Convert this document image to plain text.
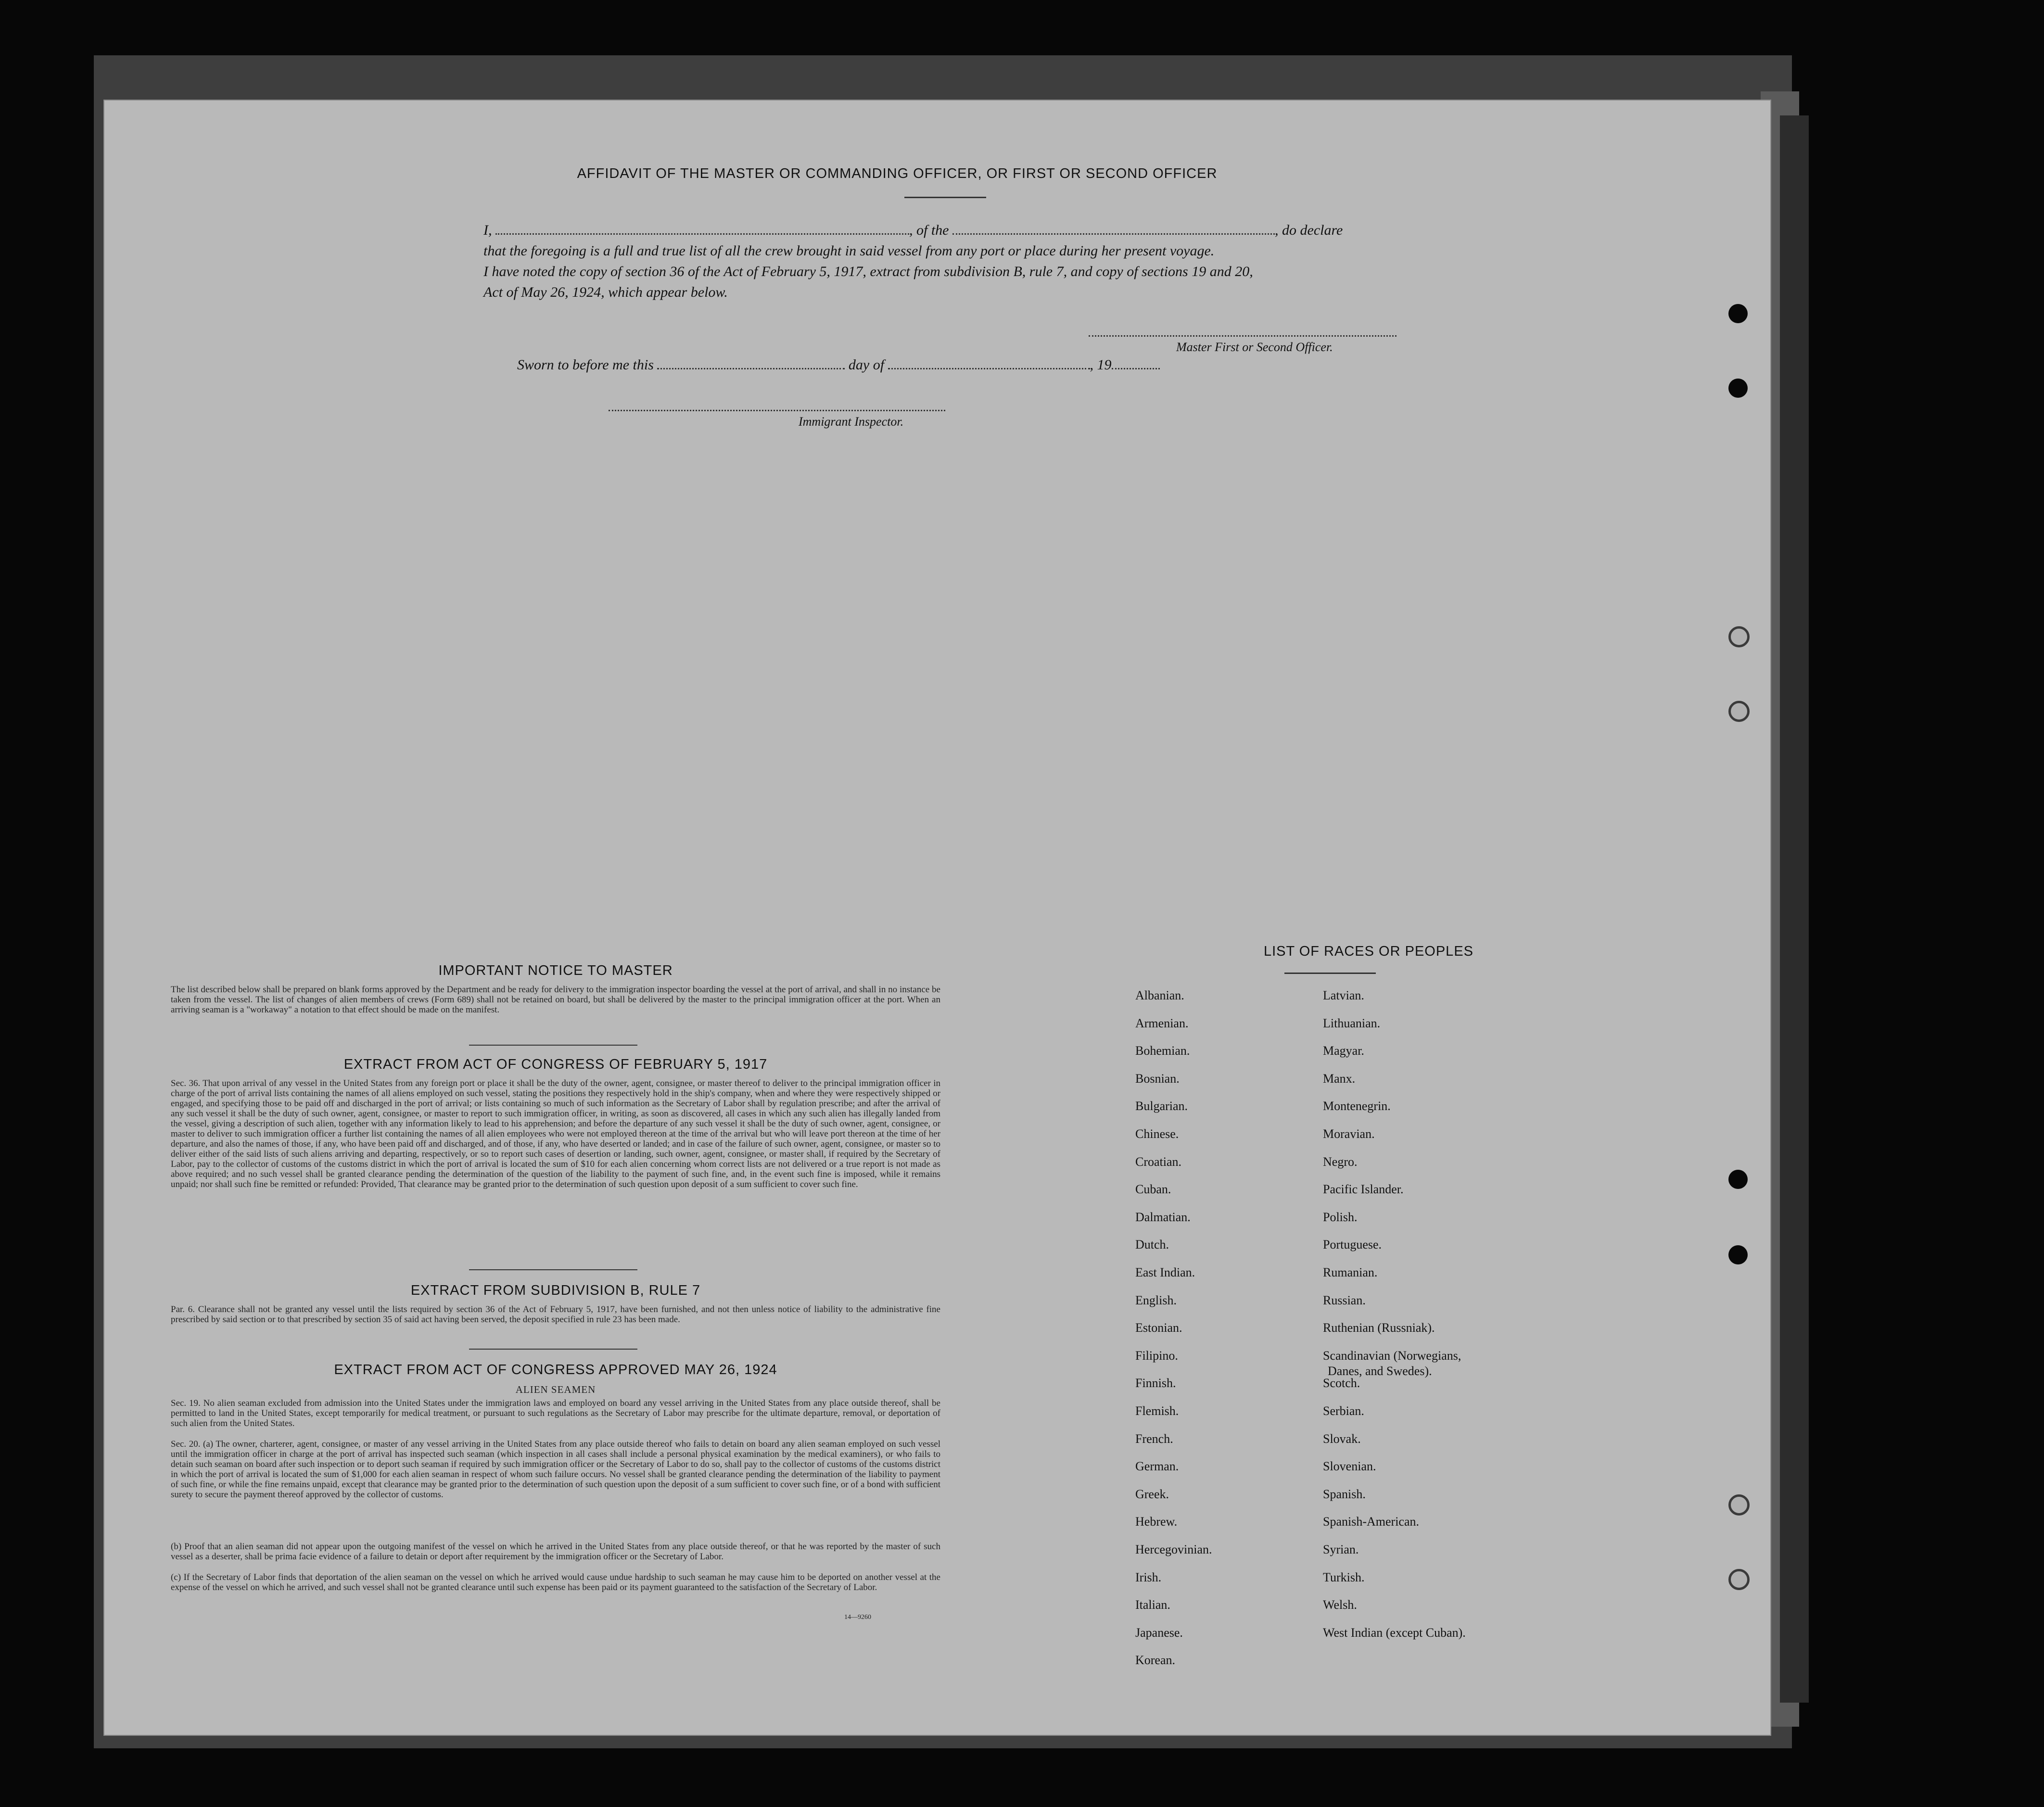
AFFIDAVIT OF THE MASTER OR COMMANDING OFFICER, OR FIRST OR SECOND OFFICER
I,	, of the	, do declare
that the foregoing is a full and true list of all the crew brought in said vessel from any port or place during her present voyage.
I have noted the copy of section 36 of the Act of February 5, 1917, extract from subdivision B, rule 7, and copy of sections 19 and 20,
Act of May 26, 1924, which appear below.
Master First or Second Officer.
Sworn to before me this	day of	, 19
Immigrant Inspector.
IMPORTANT NOTICE TO MASTER
The list described below shall be prepared on blank forms approved by the Department and be ready for delivery to the immigration inspector boarding the vessel at the port of arrival, and shall in no instance be taken from the vessel. The list of changes of alien members of crews (Form 689) shall not be retained on board, but shall be delivered by the master to the principal immigration officer at the port. When an arriving seaman is a "workaway" a notation to that effect should be made on the manifest.
EXTRACT FROM ACT OF CONGRESS OF FEBRUARY 5, 1917
Sec. 36. That upon arrival of any vessel in the United States from any foreign port or place it shall be the duty of the owner, agent, consignee, or master thereof to deliver to the principal immigration officer in charge of the port of arrival lists containing the names of all aliens employed on such vessel, stating the positions they respectively hold in the ship's company, when and where they were respectively shipped or engaged, and specifying those to be paid off and discharged in the port of arrival; or lists containing so much of such information as the Secretary of Labor shall by regulation prescribe; and after the arrival of any such vessel it shall be the duty of such owner, agent, consignee, or master to report to such immigration officer, in writing, as soon as discovered, all cases in which any such alien has illegally landed from the vessel, giving a description of such alien, together with any information likely to lead to his apprehension; and before the departure of any such vessel it shall be the duty of such owner, agent, consignee, or master to deliver to such immigration officer a further list containing the names of all alien employees who were not employed thereon at the time of the arrival but who will leave port thereon at the time of her departure, and also the names of those, if any, who have been paid off and discharged, and of those, if any, who have deserted or landed; and in case of the failure of such owner, agent, consignee, or master so to deliver either of the said lists of such aliens arriving and departing, respectively, or so to report such cases of desertion or landing, such owner, agent, consignee, or master shall, if required by the Secretary of Labor, pay to the collector of customs of the customs district in which the port of arrival is located the sum of $10 for each alien concerning whom correct lists are not delivered or a true report is not made as above required; and no such vessel shall be granted clearance pending the determination of the question of the liability to the payment of such fine, and, in the event such fine is imposed, while it remains unpaid; nor shall such fine be remitted or refunded: Provided, That clearance may be granted prior to the determination of such question upon deposit of a sum sufficient to cover such fine.
EXTRACT FROM SUBDIVISION B, RULE 7
Par. 6. Clearance shall not be granted any vessel until the lists required by section 36 of the Act of February 5, 1917, have been furnished, and not then unless notice of liability to the administrative fine prescribed by said section or to that prescribed by section 35 of said act having been served, the deposit specified in rule 23 has been made.
EXTRACT FROM ACT OF CONGRESS APPROVED MAY 26, 1924
ALIEN SEAMEN
Sec. 19. No alien seaman excluded from admission into the United States under the immigration laws and employed on board any vessel arriving in the United States from any place outside thereof, shall be permitted to land in the United States, except temporarily for medical treatment, or pursuant to such regulations as the Secretary of Labor may prescribe for the ultimate departure, removal, or deportation of such alien from the United States.
Sec. 20. (a) The owner, charterer, agent, consignee, or master of any vessel arriving in the United States from any place outside thereof who fails to detain on board any alien seaman employed on such vessel until the immigration officer in charge at the port of arrival has inspected such seaman (which inspection in all cases shall include a personal physical examination by the medical examiners), or who fails to detain such seaman on board after such inspection or to deport such seaman if required by such immigration officer or the Secretary of Labor to do so, shall pay to the collector of customs of the customs district in which the port of arrival is located the sum of $1,000 for each alien seaman in respect of whom such failure occurs. No vessel shall be granted clearance pending the determination of the liability to payment of such fine, or while the fine remains unpaid, except that clearance may be granted prior to the determination of such question upon the deposit of a sum sufficient to cover such fine, or of a bond with sufficient surety to secure the payment thereof approved by the collector of customs.
(b) Proof that an alien seaman did not appear upon the outgoing manifest of the vessel on which he arrived in the United States from any place outside thereof, or that he was reported by the master of such vessel as a deserter, shall be prima facie evidence of a failure to detain or deport after requirement by the immigration officer or the Secretary of Labor.
(c) If the Secretary of Labor finds that deportation of the alien seaman on the vessel on which he arrived would cause undue hardship to such seaman he may cause him to be deported on another vessel at the expense of the vessel on which he arrived, and such vessel shall not be granted clearance until such expense has been paid or its payment guaranteed to the satisfaction of the Secretary of Labor.
14—9260
LIST OF RACES OR PEOPLES
Albanian.
Armenian.
Bohemian.
Bosnian.
Bulgarian.
Chinese.
Croatian.
Cuban.
Dalmatian.
Dutch.
East Indian.
English.
Estonian.
Filipino.
Finnish.
Flemish.
French.
German.
Greek.
Hebrew.
Hercegovinian.
Irish.
Italian.
Japanese.
Korean.
Latvian.
Lithuanian.
Magyar.
Manx.
Montenegrin.
Moravian.
Negro.
Pacific Islander.
Polish.
Portuguese.
Rumanian.
Russian.
Ruthenian (Russniak).
Scandinavian (Norwegians,
Danes, and Swedes).
Scotch.
Serbian.
Slovak.
Slovenian.
Spanish.
Spanish-American.
Syrian.
Turkish.
Welsh.
West Indian (except Cuban).
